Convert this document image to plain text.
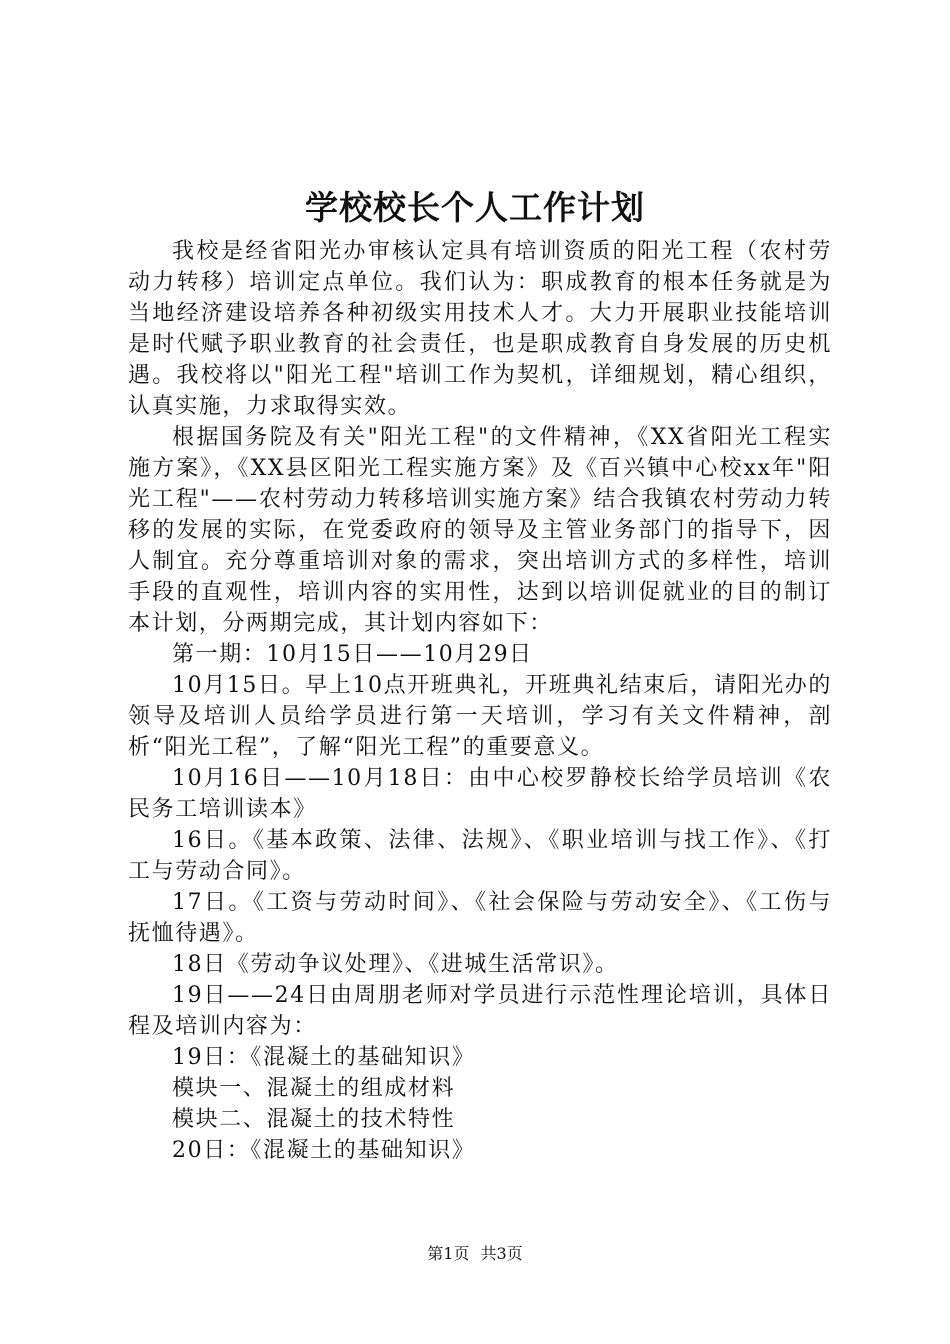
学校校长个人工作计划

我校是经省阳光办审核认定具有培训资质的阳光工程（农村劳动力转移）培训定点单位。我们认为：职成教育的根本任务就是为当地经济建设培养各种初级实用技术人才。大力开展职业技能培训是时代赋予职业教育的社会责任，也是职成教育自身发展的历史机遇。我校将以"阳光工程"培训工作为契机，详细规划，精心组织，认真实施，力求取得实效。

根据国务院及有关"阳光工程"的文件精神，《XX省阳光工程实施方案》，《XX县区阳光工程实施方案》及《百兴镇中心校xx年"阳光工程"——农村劳动力转移培训实施方案》结合我镇农村劳动力转移的发展的实际，在党委政府的领导及主管业务部门的指导下，因人制宜。充分尊重培训对象的需求，突出培训方式的多样性，培训手段的直观性，培训内容的实用性，达到以培训促就业的目的制订本计划，分两期完成，其计划内容如下：

第一期：10月15日——10月29日

10月15日。早上10点开班典礼，开班典礼结束后，请阳光办的领导及培训人员给学员进行第一天培训，学习有关文件精神，剖析“阳光工程”，了解“阳光工程”的重要意义。

10月16日——10月18日：由中心校罗静校长给学员培训《农民务工培训读本》

16日。《基本政策、法律、法规》、《职业培训与找工作》、《打工与劳动合同》。

17日。《工资与劳动时间》、《社会保险与劳动安全》、《工伤与抚恤待遇》。

18日《劳动争议处理》、《进城生活常识》。

19日——24日由周朋老师对学员进行示范性理论培训，具体日程及培训内容为：

19日：《混凝土的基础知识》

模块一、混凝土的组成材料

模块二、混凝土的技术特性

20日：《混凝土的基础知识》

第1页 共3页
